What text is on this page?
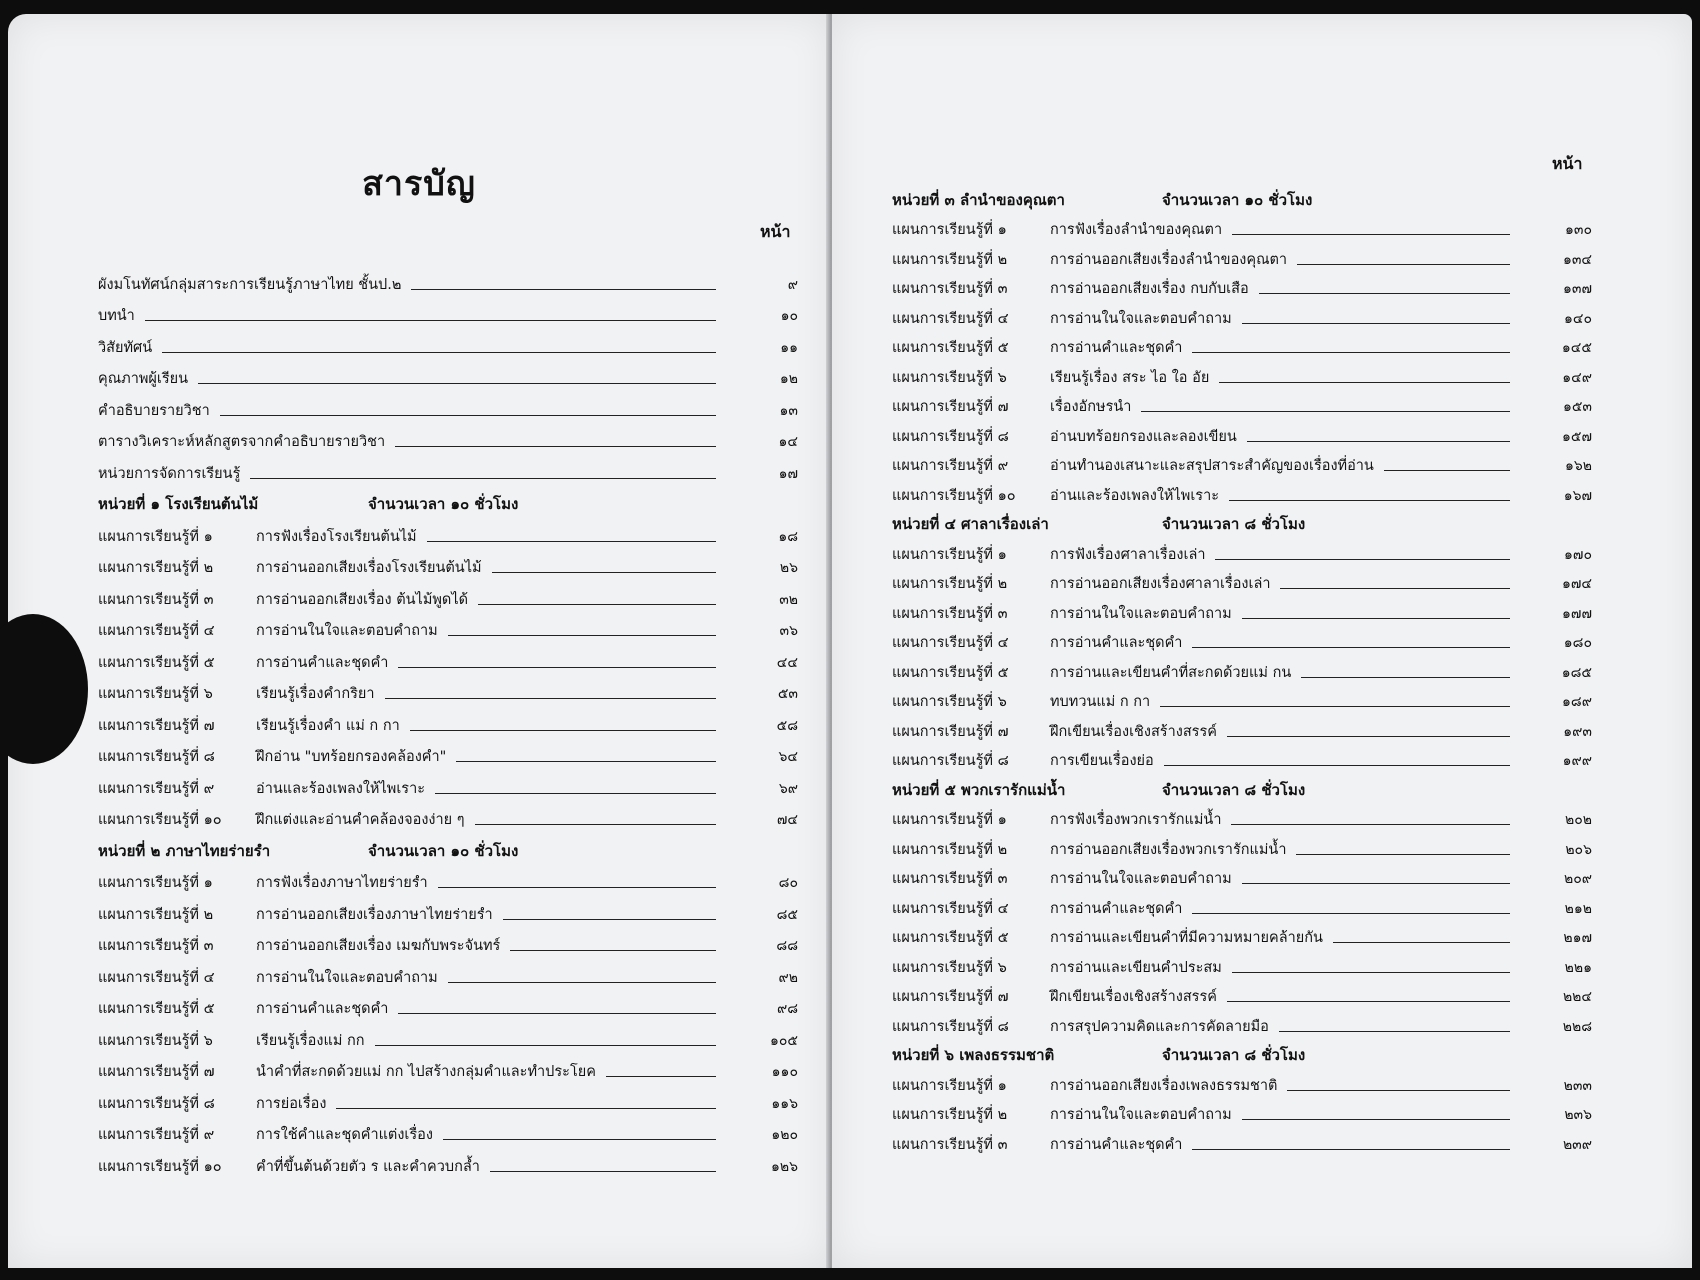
สารบัญ
หน้า
ผังมโนทัศน์กลุ่มสาระการเรียนรู้ภาษาไทย ชั้นป.๒	๙
บทนำ	๑๐
วิสัยทัศน์	๑๑
คุณภาพผู้เรียน	๑๒
คำอธิบายรายวิชา	๑๓
ตารางวิเคราะห์หลักสูตรจากคำอธิบายรายวิชา	๑๔
หน่วยการจัดการเรียนรู้	๑๗
หน่วยที่ ๑ โรงเรียนต้นไม้	จำนวนเวลา ๑๐ ชั่วโมง
แผนการเรียนรู้ที่ ๑	การฟังเรื่องโรงเรียนต้นไม้	๑๘
แผนการเรียนรู้ที่ ๒	การอ่านออกเสียงเรื่องโรงเรียนต้นไม้	๒๖
แผนการเรียนรู้ที่ ๓	การอ่านออกเสียงเรื่อง ต้นไม้พูดได้	๓๒
แผนการเรียนรู้ที่ ๔	การอ่านในใจและตอบคำถาม	๓๖
แผนการเรียนรู้ที่ ๕	การอ่านคำและชุดคำ	๔๔
แผนการเรียนรู้ที่ ๖	เรียนรู้เรื่องคำกริยา	๕๓
แผนการเรียนรู้ที่ ๗	เรียนรู้เรื่องคำ แม่ ก กา	๕๘
แผนการเรียนรู้ที่ ๘	ฝึกอ่าน "บทร้อยกรองคล้องคำ"	๖๔
แผนการเรียนรู้ที่ ๙	อ่านและร้องเพลงให้ไพเราะ	๖๙
แผนการเรียนรู้ที่ ๑๐	ฝึกแต่งและอ่านคำคล้องจองง่าย ๆ	๗๔
หน่วยที่ ๒ ภาษาไทยร่ายรำ	จำนวนเวลา ๑๐ ชั่วโมง
แผนการเรียนรู้ที่ ๑	การฟังเรื่องภาษาไทยร่ายรำ	๘๐
แผนการเรียนรู้ที่ ๒	การอ่านออกเสียงเรื่องภาษาไทยร่ายรำ	๘๕
แผนการเรียนรู้ที่ ๓	การอ่านออกเสียงเรื่อง เมฆกับพระจันทร์	๘๘
แผนการเรียนรู้ที่ ๔	การอ่านในใจและตอบคำถาม	๙๒
แผนการเรียนรู้ที่ ๕	การอ่านคำและชุดคำ	๙๘
แผนการเรียนรู้ที่ ๖	เรียนรู้เรื่องแม่ กก	๑๐๕
แผนการเรียนรู้ที่ ๗	นำคำที่สะกดด้วยแม่ กก ไปสร้างกลุ่มคำและทำประโยค	๑๑๐
แผนการเรียนรู้ที่ ๘	การย่อเรื่อง	๑๑๖
แผนการเรียนรู้ที่ ๙	การใช้คำและชุดคำแต่งเรื่อง	๑๒๐
แผนการเรียนรู้ที่ ๑๐	คำที่ขึ้นต้นด้วยตัว ร และคำควบกล้ำ	๑๒๖
หน้า
หน่วยที่ ๓ ลำนำของคุณตา	จำนวนเวลา ๑๐ ชั่วโมง
แผนการเรียนรู้ที่ ๑	การฟังเรื่องลำนำของคุณตา	๑๓๐
แผนการเรียนรู้ที่ ๒	การอ่านออกเสียงเรื่องลำนำของคุณตา	๑๓๔
แผนการเรียนรู้ที่ ๓	การอ่านออกเสียงเรื่อง กบกับเสือ	๑๓๗
แผนการเรียนรู้ที่ ๔	การอ่านในใจและตอบคำถาม	๑๔๐
แผนการเรียนรู้ที่ ๕	การอ่านคำและชุดคำ	๑๔๕
แผนการเรียนรู้ที่ ๖	เรียนรู้เรื่อง สระ ไอ ใอ อัย	๑๔๙
แผนการเรียนรู้ที่ ๗	เรื่องอักษรนำ	๑๕๓
แผนการเรียนรู้ที่ ๘	อ่านบทร้อยกรองและลองเขียน	๑๕๗
แผนการเรียนรู้ที่ ๙	อ่านทำนองเสนาะและสรุปสาระสำคัญของเรื่องที่อ่าน	๑๖๒
แผนการเรียนรู้ที่ ๑๐	อ่านและร้องเพลงให้ไพเราะ	๑๖๗
หน่วยที่ ๔ ศาลาเรื่องเล่า	จำนวนเวลา ๘ ชั่วโมง
แผนการเรียนรู้ที่ ๑	การฟังเรื่องศาลาเรื่องเล่า	๑๗๐
แผนการเรียนรู้ที่ ๒	การอ่านออกเสียงเรื่องศาลาเรื่องเล่า	๑๗๔
แผนการเรียนรู้ที่ ๓	การอ่านในใจและตอบคำถาม	๑๗๗
แผนการเรียนรู้ที่ ๔	การอ่านคำและชุดคำ	๑๘๐
แผนการเรียนรู้ที่ ๕	การอ่านและเขียนคำที่สะกดด้วยแม่ กน	๑๘๕
แผนการเรียนรู้ที่ ๖	ทบทวนแม่ ก กา	๑๘๙
แผนการเรียนรู้ที่ ๗	ฝึกเขียนเรื่องเชิงสร้างสรรค์	๑๙๓
แผนการเรียนรู้ที่ ๘	การเขียนเรื่องย่อ	๑๙๙
หน่วยที่ ๕ พวกเรารักแม่น้ำ	จำนวนเวลา ๘ ชั่วโมง
แผนการเรียนรู้ที่ ๑	การฟังเรื่องพวกเรารักแม่น้ำ	๒๐๒
แผนการเรียนรู้ที่ ๒	การอ่านออกเสียงเรื่องพวกเรารักแม่น้ำ	๒๐๖
แผนการเรียนรู้ที่ ๓	การอ่านในใจและตอบคำถาม	๒๐๙
แผนการเรียนรู้ที่ ๔	การอ่านคำและชุดคำ	๒๑๒
แผนการเรียนรู้ที่ ๕	การอ่านและเขียนคำที่มีความหมายคล้ายกัน	๒๑๗
แผนการเรียนรู้ที่ ๖	การอ่านและเขียนคำประสม	๒๒๑
แผนการเรียนรู้ที่ ๗	ฝึกเขียนเรื่องเชิงสร้างสรรค์	๒๒๔
แผนการเรียนรู้ที่ ๘	การสรุปความคิดและการคัดลายมือ	๒๒๘
หน่วยที่ ๖ เพลงธรรมชาติ	จำนวนเวลา ๘ ชั่วโมง
แผนการเรียนรู้ที่ ๑	การอ่านออกเสียงเรื่องเพลงธรรมชาติ	๒๓๓
แผนการเรียนรู้ที่ ๒	การอ่านในใจและตอบคำถาม	๒๓๖
แผนการเรียนรู้ที่ ๓	การอ่านคำและชุดคำ	๒๓๙
